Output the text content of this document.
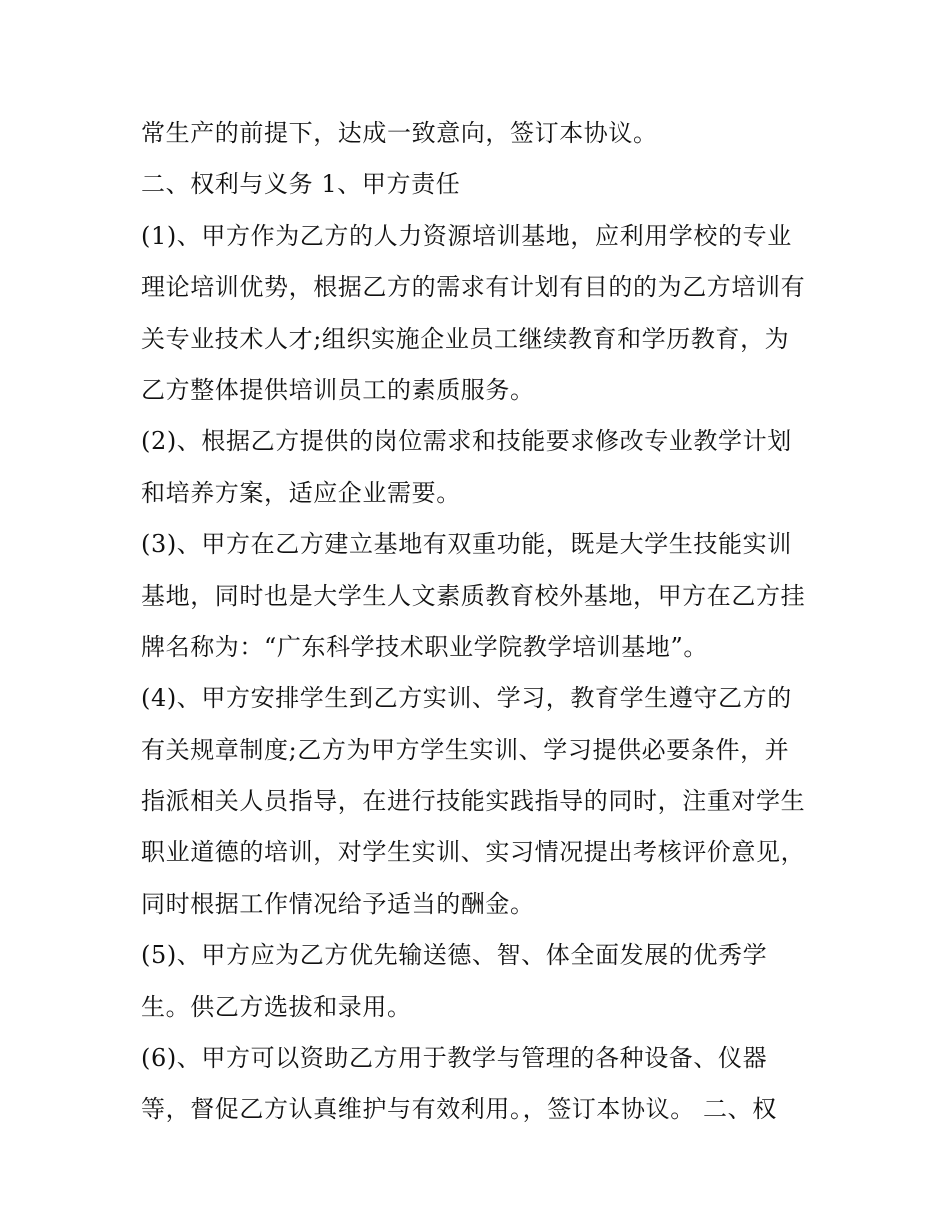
常生产的前提下，达成一致意向，签订本协议。
二、权利与义务 1、甲方责任
(1)、甲方作为乙方的人力资源培训基地，应利用学校的专业
理论培训优势，根据乙方的需求有计划有目的的为乙方培训有
关专业技术人才;组织实施企业员工继续教育和学历教育，为
乙方整体提供培训员工的素质服务。
(2)、根据乙方提供的岗位需求和技能要求修改专业教学计划
和培养方案，适应企业需要。
(3)、甲方在乙方建立基地有双重功能，既是大学生技能实训
基地，同时也是大学生人文素质教育校外基地，甲方在乙方挂
牌名称为：“广东科学技术职业学院教学培训基地”。
(4)、甲方安排学生到乙方实训、学习，教育学生遵守乙方的
有关规章制度;乙方为甲方学生实训、学习提供必要条件，并
指派相关人员指导，在进行技能实践指导的同时，注重对学生
职业道德的培训，对学生实训、实习情况提出考核评价意见，
同时根据工作情况给予适当的酬金。
(5)、甲方应为乙方优先输送德、智、体全面发展的优秀学
生。供乙方选拔和录用。
(6)、甲方可以资助乙方用于教学与管理的各种设备、仪器
等，督促乙方认真维护与有效利用。，签订本协议。 二、权
